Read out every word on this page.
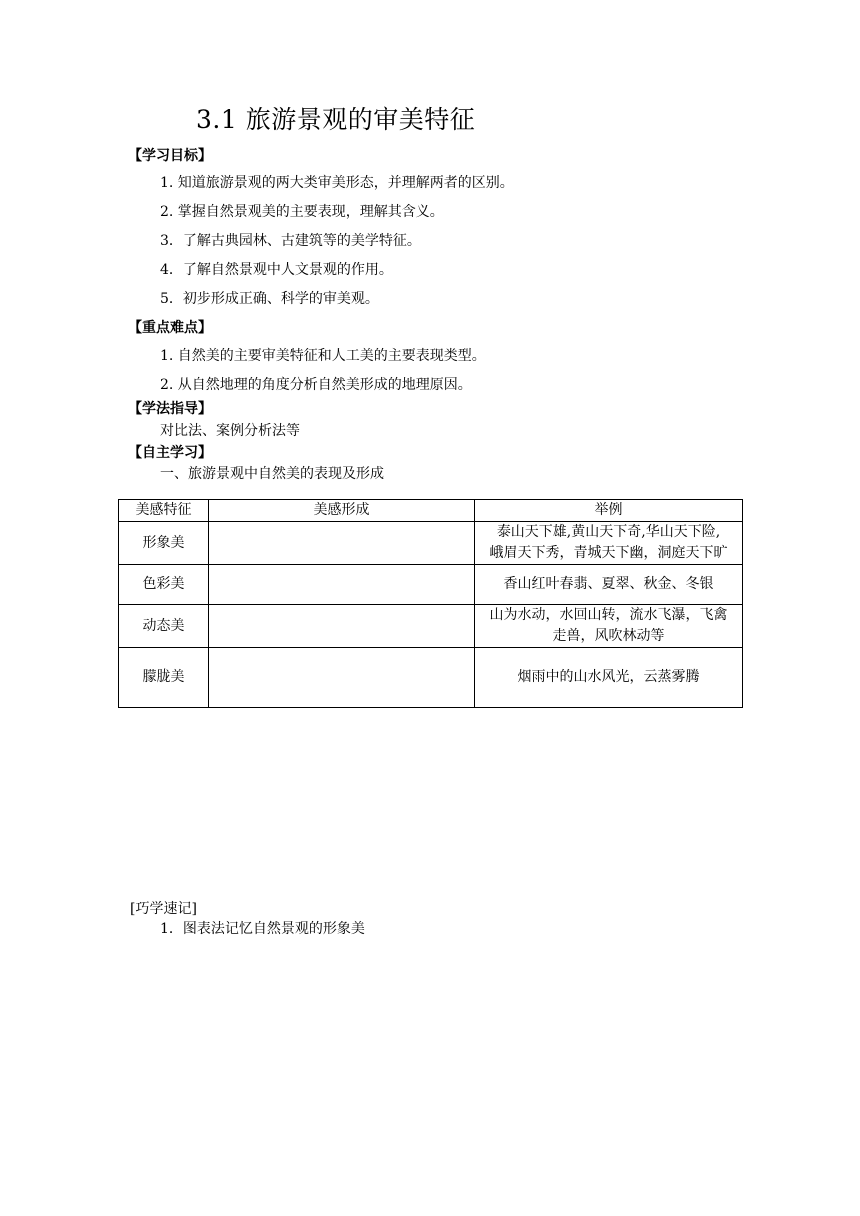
3.1 旅游景观的审美特征
【学习目标】
1. 知道旅游景观的两大类审美形态，并理解两者的区别。
2. 掌握自然景观美的主要表现，理解其含义。
3．了解古典园林、古建筑等的美学特征。
4．了解自然景观中人文景观的作用。
5．初步形成正确、科学的审美观。
【重点难点】
1. 自然美的主要审美特征和人工美的主要表现类型。
2. 从自然地理的角度分析自然美形成的地理原因。
【学法指导】
对比法、案例分析法等
【自主学习】
一、旅游景观中自然美的表现及形成
美感特征	美感形成	举例
形象美		泰山天下雄,黄山天下奇,华山天下险,
峨眉天下秀，青城天下幽，洞庭天下旷

色彩美		香山红叶春翡、夏翠、秋金、冬银

动态美		山为水动，水回山转，流水飞瀑，飞禽
走兽，风吹林动等

朦胧美		烟雨中的山水风光，云蒸雾腾
[巧学速记]
1．图表法记忆自然景观的形象美
